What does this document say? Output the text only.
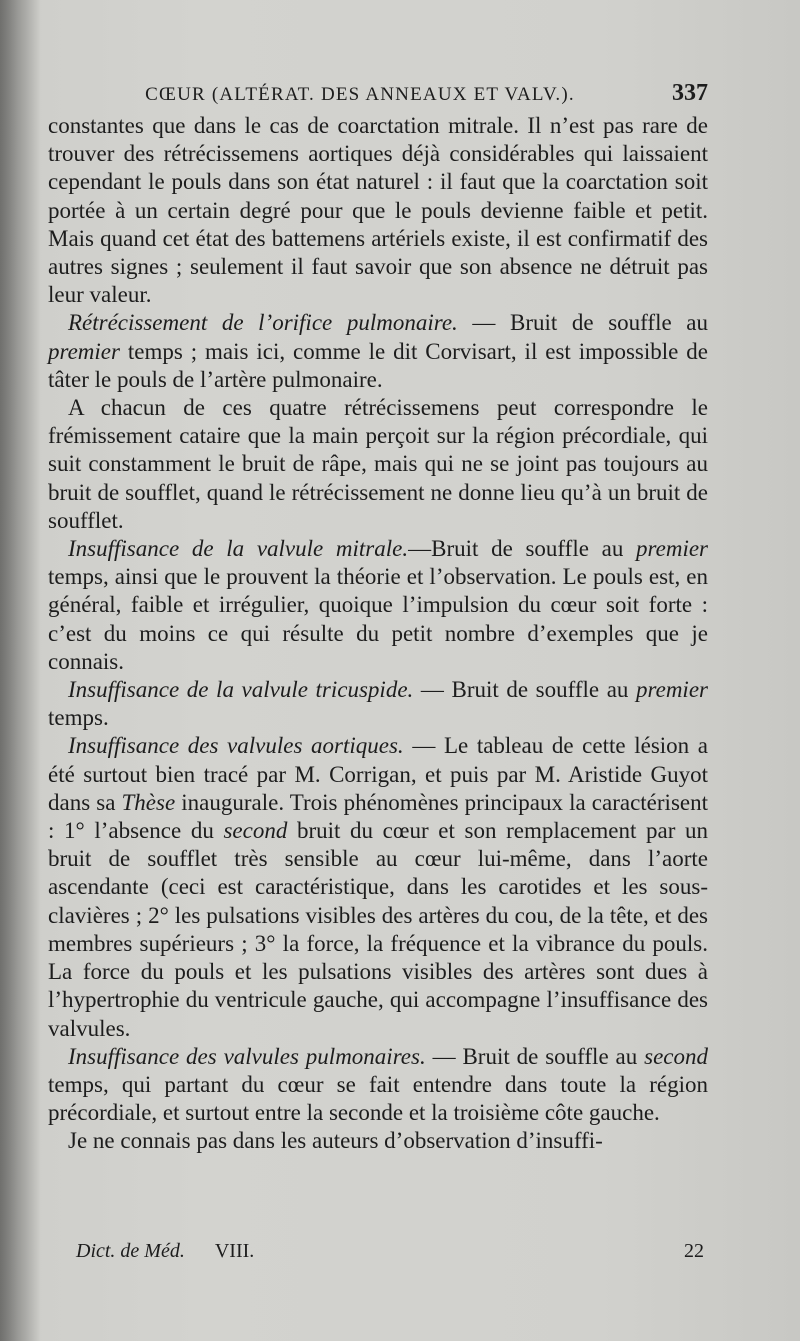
CŒUR (ALTÉRAT. DES ANNEAUX ET VALV.).	337

constantes que dans le cas de coarctation mitrale. Il n’est pas rare de trouver des rétrécissemens aortiques déjà considérables qui laissaient cependant le pouls dans son état naturel : il faut que la coarctation soit portée à un certain degré pour que le pouls devienne faible et petit. Mais quand cet état des battemens artériels existe, il est confirmatif des autres signes ; seulement il faut savoir que son absence ne détruit pas leur valeur.

Rétrécissement de l’orifice pulmonaire. — Bruit de souffle au premier temps ; mais ici, comme le dit Corvisart, il est impossible de tâter le pouls de l’artère pulmonaire.

A chacun de ces quatre rétrécissemens peut correspondre le frémissement cataire que la main perçoit sur la région précordiale, qui suit constamment le bruit de râpe, mais qui ne se joint pas toujours au bruit de soufflet, quand le rétrécissement ne donne lieu qu’à un bruit de soufflet.

Insuffisance de la valvule mitrale.—Bruit de souffle au premier temps, ainsi que le prouvent la théorie et l’observation. Le pouls est, en général, faible et irrégulier, quoique l’impulsion du cœur soit forte : c’est du moins ce qui résulte du petit nombre d’exemples que je connais.

Insuffisance de la valvule tricuspide. — Bruit de souffle au premier temps.

Insuffisance des valvules aortiques. — Le tableau de cette lésion a été surtout bien tracé par M. Corrigan, et puis par M. Aristide Guyot dans sa Thèse inaugurale. Trois phénomènes principaux la caractérisent : 1° l’absence du second bruit du cœur et son remplacement par un bruit de soufflet très sensible au cœur lui-même, dans l’aorte ascendante (ceci est caractéristique, dans les carotides et les sous-clavières ; 2° les pulsations visibles des artères du cou, de la tête, et des membres supérieurs ; 3° la force, la fréquence et la vibrance du pouls. La force du pouls et les pulsations visibles des artères sont dues à l’hypertrophie du ventricule gauche, qui accompagne l’insuffisance des valvules.

Insuffisance des valvules pulmonaires. — Bruit de souffle au second temps, qui partant du cœur se fait entendre dans toute la région précordiale, et surtout entre la seconde et la troisième côte gauche.

Je ne connais pas dans les auteurs d’observation d’insuffi-

Dict. de Méd. VIII.	22
